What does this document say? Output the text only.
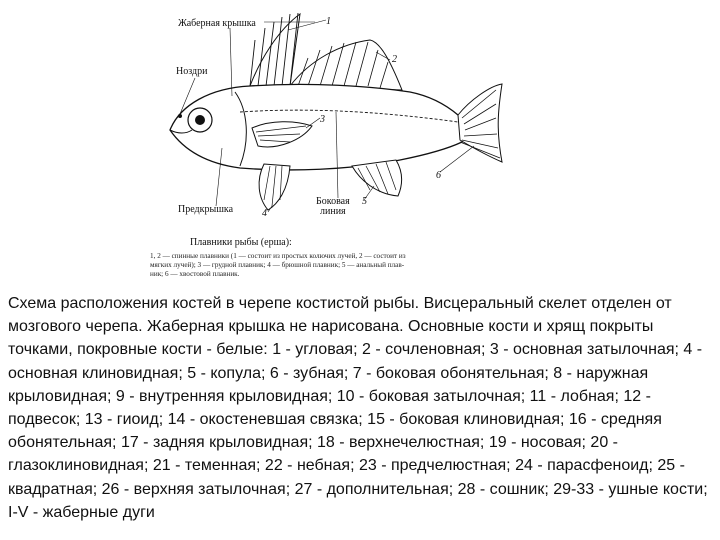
Жаберная крышка
Ноздри
Предкрышка
Боковая
линия
1
2
3
4
5
6
Плавники рыбы (ерша):
1, 2 — спинные плавники (1 — состоит из простых колючих лучей, 2 — состоит из
мягких лучей); 3 — грудной плавник; 4 — брюшной плавник; 5 — анальный плав-
ник; 6 — хвостовой плавник.

Схема расположения костей в черепе костистой рыбы. Висцеральный скелет отделен от мозгового черепа. Жаберная крышка не нарисована. Основные кости и хрящ покрыты точками, покровные кости - белые: 1 - угловая; 2 - сочленовная; 3 - основная затылочная; 4 - основная клиновидная; 5 - копула; 6 - зубная; 7 - боковая обонятельная; 8 - наружная крыловидная; 9 - внутренняя крыловидная; 10 - боковая затылочная; 11 - лобная; 12 - подвесок; 13 - гиоид; 14 - окостеневшая связка; 15 - боковая клиновидная; 16 - средняя обонятельная; 17 - задняя крыловидная; 18 - верхнечелюстная; 19 - носовая; 20 - глазоклиновидная; 21 - теменная; 22 - небная; 23 - предчелюстная; 24 - парасфеноид; 25 - квадратная; 26 - верхняя затылочная; 27 - дополнительная; 28 - сошник; 29-33 - ушные кости; I-V - жаберные дуги
